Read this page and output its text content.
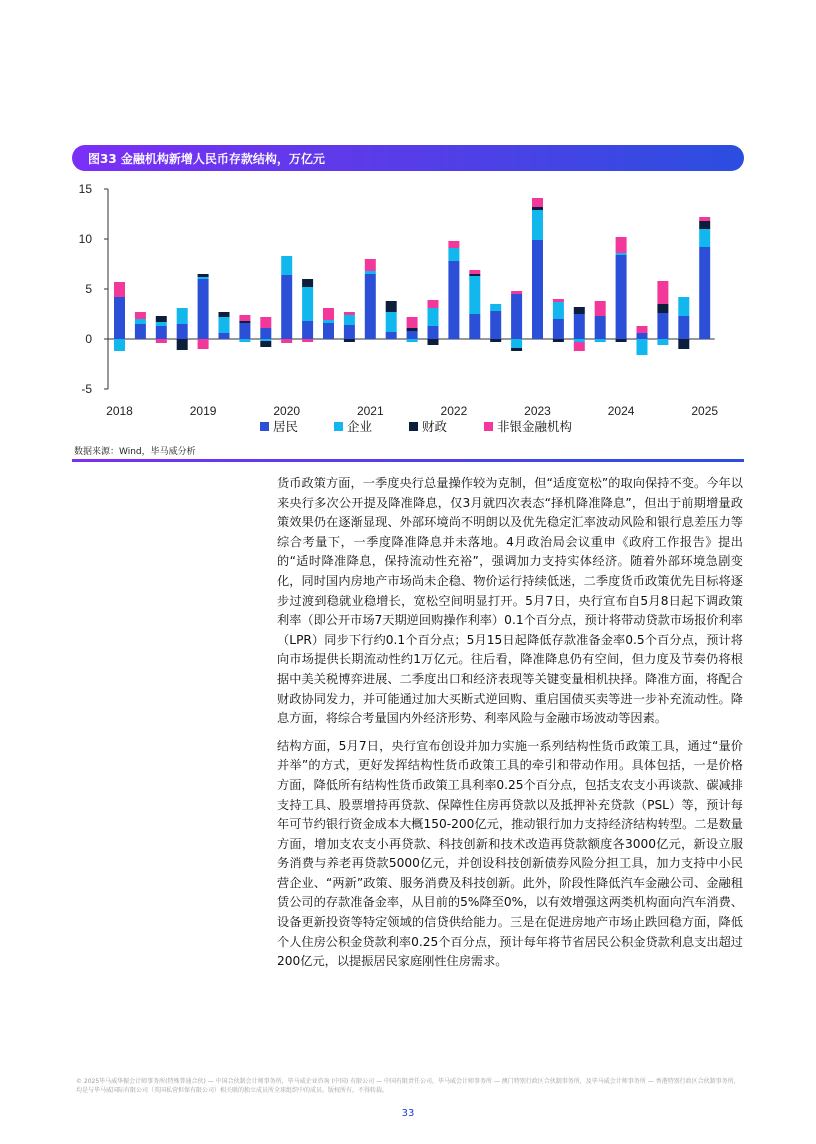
图33 金融机构新增人民币存款结构，万亿元
15
10
5
0
-5
2018	2019	2020	2021	2022	2023	2024	2025
居民	企业	财政	非银金融机构
数据来源：Wind，毕马威分析

货币政策方面，一季度央行总量操作较为克制，但“适度宽松”的取向保持不变。今年以来央行多次公开提及降准降息，仅3月就四次表态“择机降准降息”，但出于前期增量政策效果仍在逐渐显现、外部环境尚不明朗以及优先稳定汇率波动风险和银行息差压力等综合考量下，一季度降准降息并未落地。4月政治局会议重申《政府工作报告》提出的“适时降准降息，保持流动性充裕”，强调加力支持实体经济。随着外部环境急剧变化，同时国内房地产市场尚未企稳、物价运行持续低迷，二季度货币政策优先目标将逐步过渡到稳就业稳增长，宽松空间明显打开。5月7日，央行宣布自5月8日起下调政策利率（即公开市场7天期逆回购操作利率）0.1个百分点，预计将带动贷款市场报价利率（LPR）同步下行约0.1个百分点；5月15日起降低存款准备金率0.5个百分点，预计将向市场提供长期流动性约1万亿元。往后看，降准降息仍有空间，但力度及节奏仍将根据中美关税博弈进展、二季度出口和经济表现等关键变量相机抉择。降准方面，将配合财政协同发力，并可能通过加大买断式逆回购、重启国债买卖等进一步补充流动性。降息方面，将综合考量国内外经济形势、利率风险与金融市场波动等因素。

结构方面，5月7日，央行宣布创设并加力实施一系列结构性货币政策工具，通过“量价并举”的方式，更好发挥结构性货币政策工具的牵引和带动作用。具体包括，一是价格方面，降低所有结构性货币政策工具利率0.25个百分点，包括支农支小再谈款、碳减排支持工具、股票增持再贷款、保障性住房再贷款以及抵押补充贷款（PSL）等，预计每年可节约银行资金成本大概150-200亿元，推动银行加力支持经济结构转型。二是数量方面，增加支农支小再贷款、科技创新和技术改造再贷款额度各3000亿元，新设立服务消费与养老再贷款5000亿元，并创设科技创新债券风险分担工具，加力支持中小民营企业、“两新”政策、服务消费及科技创新。此外，阶段性降低汽车金融公司、金融租赁公司的存款准备金率，从目前的5%降至0%，以有效增强这两类机构面向汽车消费、设备更新投资等特定领域的信贷供给能力。三是在促进房地产市场止跌回稳方面，降低个人住房公积金贷款利率0.25个百分点，预计每年将节省居民公积金贷款利息支出超过200亿元，以提振居民家庭刚性住房需求。

© 2025毕马威华振会计师事务所(特殊普通合伙) — 中国合伙制会计师事务所，毕马威企业咨询 (中国) 有限公司 — 中国有限责任公司，毕马威会计师事务所 — 澳门特别行政区合伙制事务所，及毕马威会计师事务所 — 香港特别行政区合伙制事务所，均是与毕马威国际有限公司（英国私营担保有限公司）相关联的独立成员所全球组织中的成员。版权所有，不得转载。
33
